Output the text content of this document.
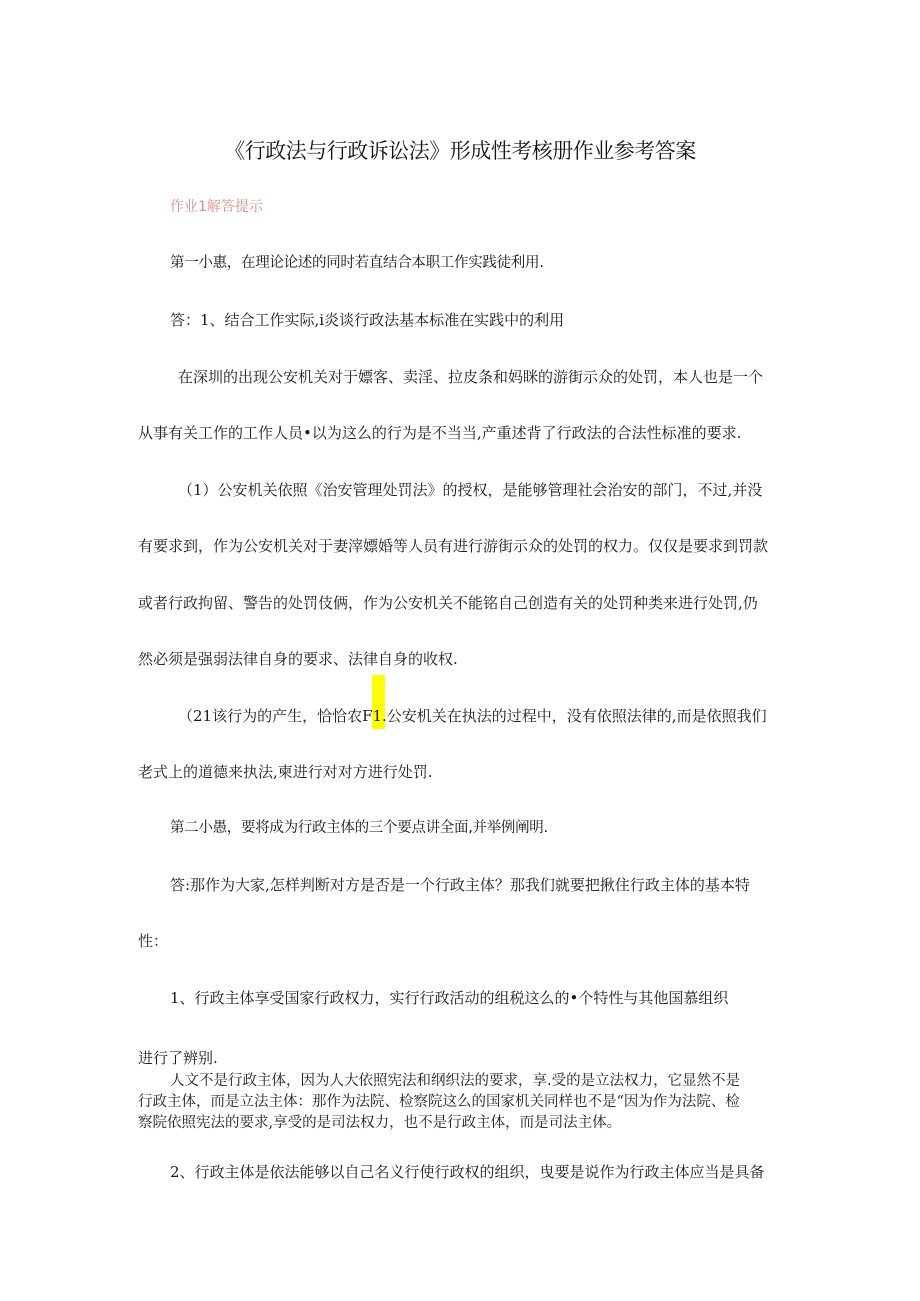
《行政法与行政诉讼法》形成性考核册作业参考答案
作业1解答提示
第一小惠，在理论论述的同时若直结合本职工作实践徒利用.
答：1、结合工作实际,i炎谈行政法基本标准在实践中的利用
在深圳的出现公安机关对于嫖客、卖淫、拉皮条和妈眯的游街示众的处罚，本人也是一个
从事有关工作的工作人员•以为这么的行为是不当当,产重述背了行政法的合法性标准的要求.
（1）公安机关依照《治安管理处罚法》的授权，是能够管理社会治安的部门，不过,并没
有要求到，作为公安机关对于妻滓嫖婚等人员有进行游街示众的处罚的权力。仅仅是要求到罚款
或者行政拘留、警告的处罚伎俩，作为公安机关不能铭自己创造有关的处罚种类来进行处罚,仍
然必须是强弱法律自身的要求、法律自身的收权.
（21该行为的产生，恰恰农F1.公安机关在执法的过程中，没有依照法律的,而是依照我们
老式上的道德来执法,柬进行对对方进行处罚.
第二小愚，要将成为行政主体的三个要点讲全面,并举例阐明.
答:那作为大家,怎样判断对方是否是一个行政主体？那我们就要把揪住行政主体的基本特
性：
1、行政主体享受国家行政权力，实行行政活动的组税这么的•个特性与其他国慕组织
进行了辨别.
人文不是行政主体，因为人大依照宪法和纲织法的要求，享.受的是立法权力，它显然不是
行政主体，而是立法主体：那作为法院、检察院这么的国家机关同样也不是“因为作为法院、检
察院依照宪法的要求,享受的是司法权力，也不是行政主体，而是司法主体。
2、行政主体是依法能够以自己名义行使行政权的组织，曳要是说作为行政主体应当是具备
